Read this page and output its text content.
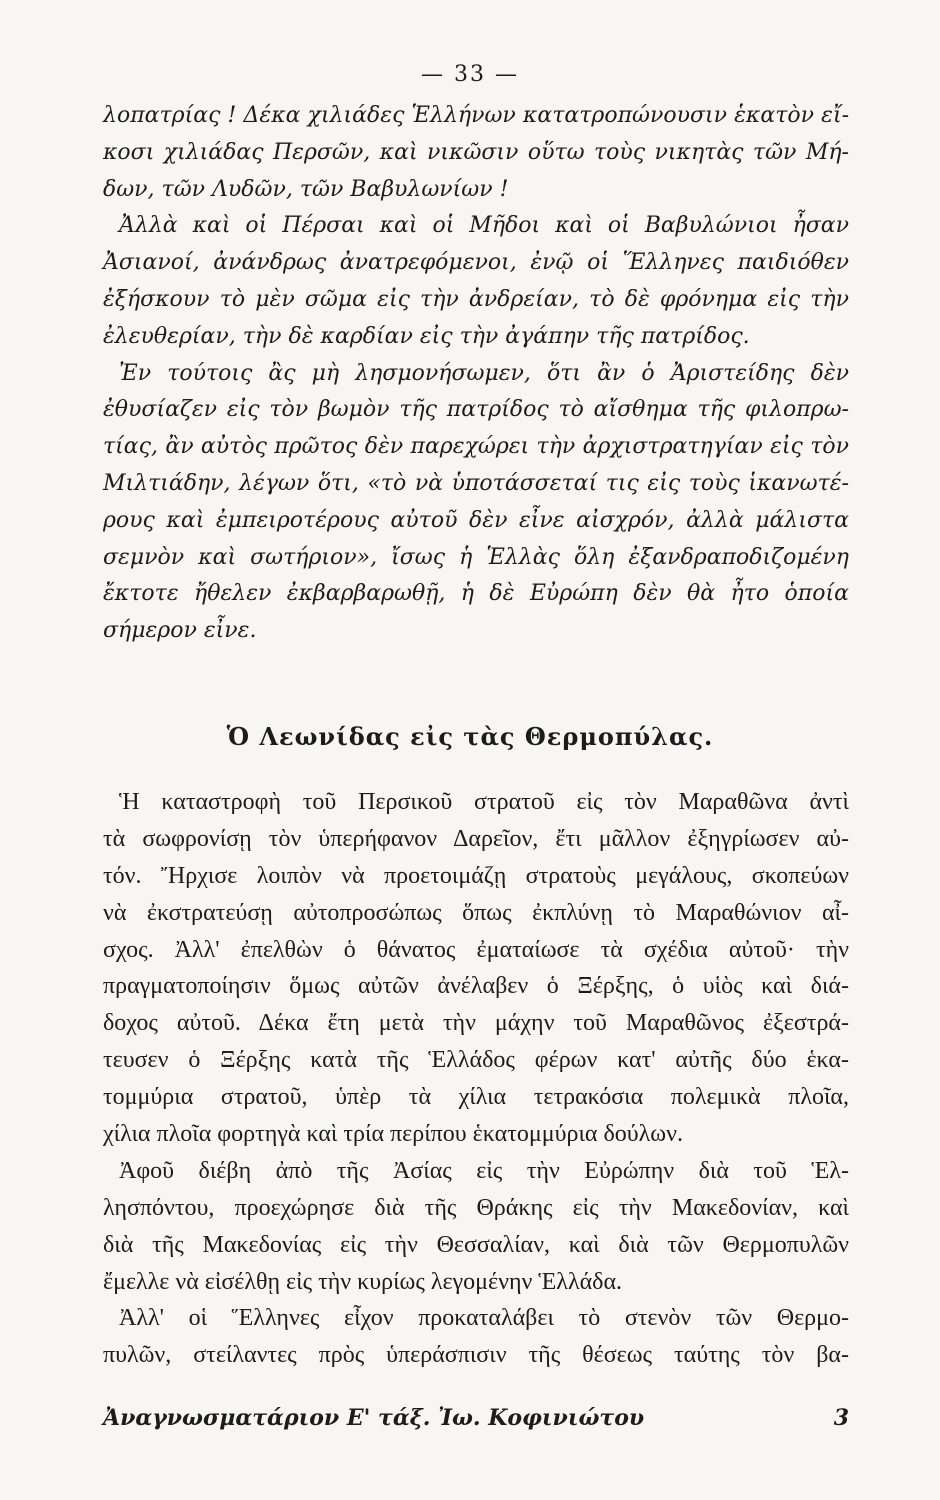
— 33 —

λοπατρίας ! Δέκα χιλιάδες Ἑλλήνων κατατροπώνουσιν ἑκατὸν εἴ-
κοσι χιλιάδας Περσῶν, καὶ νικῶσιν οὕτω τοὺς νικητὰς τῶν Μή-
δων, τῶν Λυδῶν, τῶν Βαβυλωνίων !

Ἀλλὰ καὶ οἱ Πέρσαι καὶ οἱ Μῆδοι καὶ οἱ Βαβυλώνιοι ἦσαν
Ἀσιανοί, ἀνάνδρως ἀνατρεφόμενοι, ἐνῷ οἱ Ἕλληνες παιδιόθεν
ἐξήσκουν τὸ μὲν σῶμα εἰς τὴν ἀνδρείαν, τὸ δὲ φρόνημα εἰς τὴν
ἐλευθερίαν, τὴν δὲ καρδίαν εἰς τὴν ἀγάπην τῆς πατρίδος.

Ἐν τούτοις ἂς μὴ λησμονήσωμεν, ὅτι ἂν ὁ Ἀριστείδης δὲν
ἐθυσίαζεν εἰς τὸν βωμὸν τῆς πατρίδος τὸ αἴσθημα τῆς φιλοπρω-
τίας, ἂν αὐτὸς πρῶτος δὲν παρεχώρει τὴν ἀρχιστρατηγίαν εἰς τὸν
Μιλτιάδην, λέγων ὅτι, «τὸ νὰ ὑποτάσσεταί τις εἰς τοὺς ἱκανωτέ-
ρους καὶ ἐμπειροτέρους αὐτοῦ δὲν εἶνε αἰσχρόν, ἀλλὰ μάλιστα
σεμνὸν καὶ σωτήριον», ἴσως ἡ Ἑλλὰς ὅλη ἐξανδραποδιζομένη
ἔκτοτε ἤθελεν ἐκβαρβαρωθῇ, ἡ δὲ Εὐρώπη δὲν θὰ ἦτο ὁποία
σήμερον εἶνε.

Ὁ Λεωνίδας εἰς τὰς Θερμοπύλας.

Ἡ καταστροφὴ τοῦ Περσικοῦ στρατοῦ εἰς τὸν Μαραθῶνα ἀντὶ
τὰ σωφρονίσῃ τὸν ὑπερήφανον Δαρεῖον, ἔτι μᾶλλον ἐξηγρίωσεν αὐ-
τόν. Ἤρχισε λοιπὸν νὰ προετοιμάζῃ στρατοὺς μεγάλους, σκοπεύων
νὰ ἐκστρατεύσῃ αὐτοπροσώπως ὅπως ἐκπλύνῃ τὸ Μαραθώνιον αἶ-
σχος. Ἀλλ' ἐπελθὼν ὁ θάνατος ἐματαίωσε τὰ σχέδια αὐτοῦ· τὴν
πραγματοποίησιν ὅμως αὐτῶν ἀνέλαβεν ὁ Ξέρξης, ὁ υἱὸς καὶ διά-
δοχος αὐτοῦ. Δέκα ἔτη μετὰ τὴν μάχην τοῦ Μαραθῶνος ἐξεστρά-
τευσεν ὁ Ξέρξης κατὰ τῆς Ἑλλάδος φέρων κατ' αὐτῆς δύο ἑκα-
τομμύρια στρατοῦ, ὑπὲρ τὰ χίλια τετρακόσια πολεμικὰ πλοῖα,
χίλια πλοῖα φορτηγὰ καὶ τρία περίπου ἑκατομμύρια δούλων.

Ἀφοῦ διέβη ἀπὸ τῆς Ἀσίας εἰς τὴν Εὐρώπην διὰ τοῦ Ἑλ-
λησπόντου, προεχώρησε διὰ τῆς Θράκης εἰς τὴν Μακεδονίαν, καὶ
διὰ τῆς Μακεδονίας εἰς τὴν Θεσσαλίαν, καὶ διὰ τῶν Θερμοπυλῶν
ἔμελλε νὰ εἰσέλθῃ εἰς τὴν κυρίως λεγομένην Ἑλλάδα.

Ἀλλ' οἱ Ἕλληνες εἶχον προκαταλάβει τὸ στενὸν τῶν Θερμο-
πυλῶν, στείλαντες πρὸς ὑπεράσπισιν τῆς θέσεως ταύτης τὸν βα-

Ἀναγνωσματάριον Ε' τάξ. Ἰω. Κοφινιώτου	3
